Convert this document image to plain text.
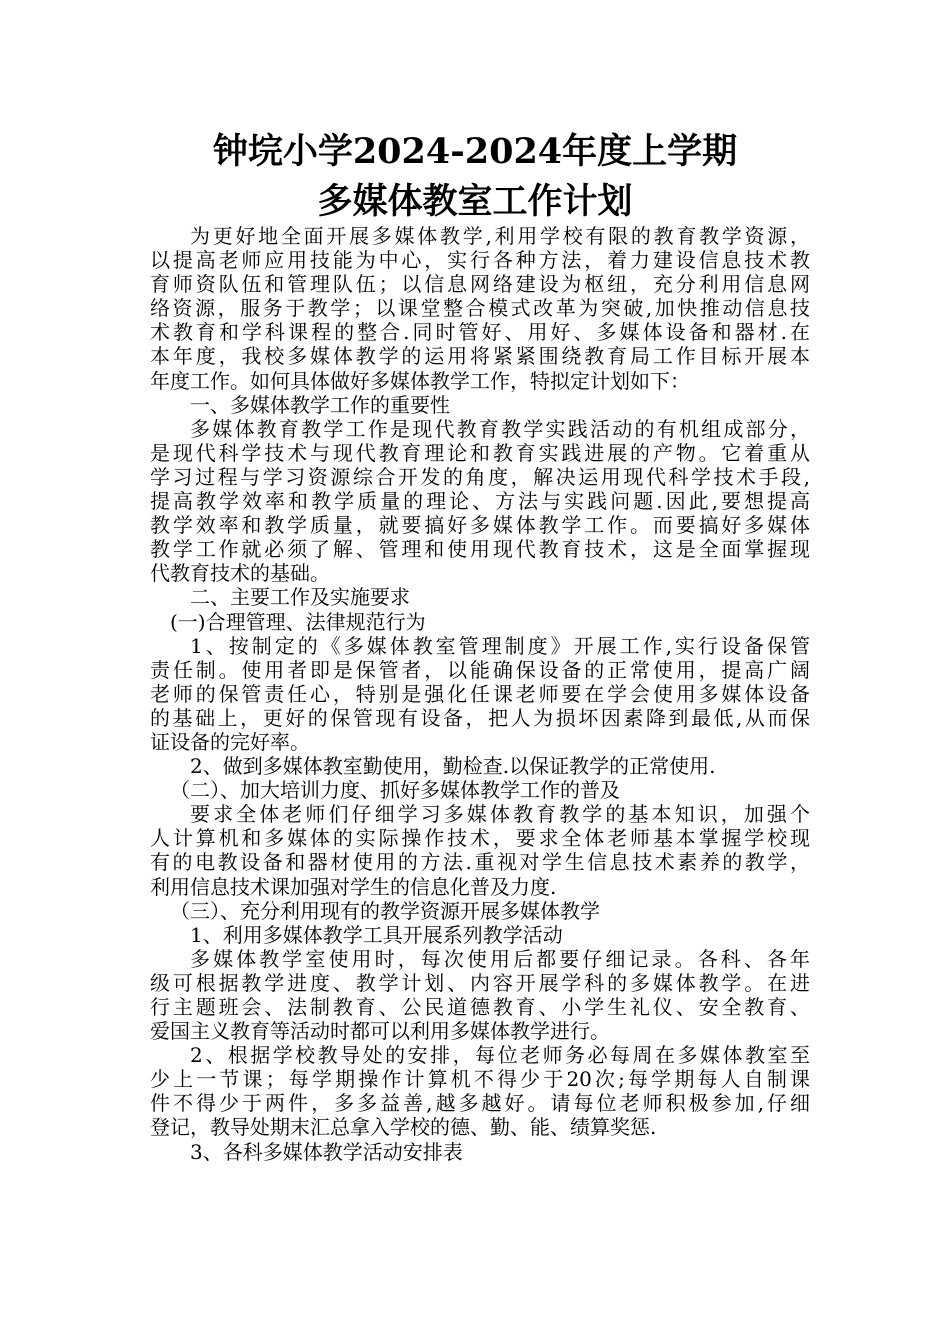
钟垸小学2024-2024年度上学期
多媒体教室工作计划
为更好地全面开展多媒体教学,利用学校有限的教育教学资源，
以提高老师应用技能为中心，实行各种方法，着力建设信息技术教
育师资队伍和管理队伍；以信息网络建设为枢纽，充分利用信息网
络资源，服务于教学；以课堂整合模式改革为突破,加快推动信息技
术教育和学科课程的整合.同时管好、用好、多媒体设备和器材.在
本年度，我校多媒体教学的运用将紧紧围绕教育局工作目标开展本
年度工作。如何具体做好多媒体教学工作，特拟定计划如下：
一、多媒体教学工作的重要性
多媒体教育教学工作是现代教育教学实践活动的有机组成部分，
是现代科学技术与现代教育理论和教育实践进展的产物。它着重从
学习过程与学习资源综合开发的角度，解决运用现代科学技术手段,
提高教学效率和教学质量的理论、方法与实践问题.因此,要想提高
教学效率和教学质量，就要搞好多媒体教学工作。而要搞好多媒体
教学工作就必须了解、管理和使用现代教育技术，这是全面掌握现
代教育技术的基础。
二、主要工作及实施要求
(一)合理管理、法律规范行为
1、按制定的《多媒体教室管理制度》开展工作,实行设备保管
责任制。使用者即是保管者，以能确保设备的正常使用，提高广阔
老师的保管责任心，特别是强化任课老师要在学会使用多媒体设备
的基础上，更好的保管现有设备，把人为损坏因素降到最低,从而保
证设备的完好率。
2、做到多媒体教室勤使用，勤检查.以保证教学的正常使用.
（二）、加大培训力度、抓好多媒体教学工作的普及
要求全体老师们仔细学习多媒体教育教学的基本知识，加强个
人计算机和多媒体的实际操作技术，要求全体老师基本掌握学校现
有的电教设备和器材使用的方法.重视对学生信息技术素养的教学，
利用信息技术课加强对学生的信息化普及力度.
（三）、充分利用现有的教学资源开展多媒体教学
1、利用多媒体教学工具开展系列教学活动
多媒体教学室使用时，每次使用后都要仔细记录。各科、各年
级可根据教学进度、教学计划、内容开展学科的多媒体教学。在进
行主题班会、法制教育、公民道德教育、小学生礼仪、安全教育、
爱国主义教育等活动时都可以利用多媒体教学进行。
2、根据学校教导处的安排，每位老师务必每周在多媒体教室至
少上一节课；每学期操作计算机不得少于20次;每学期每人自制课
件不得少于两件，多多益善,越多越好。请每位老师积极参加,仔细
登记，教导处期末汇总拿入学校的德、勤、能、绩算奖惩.
3、各科多媒体教学活动安排表
